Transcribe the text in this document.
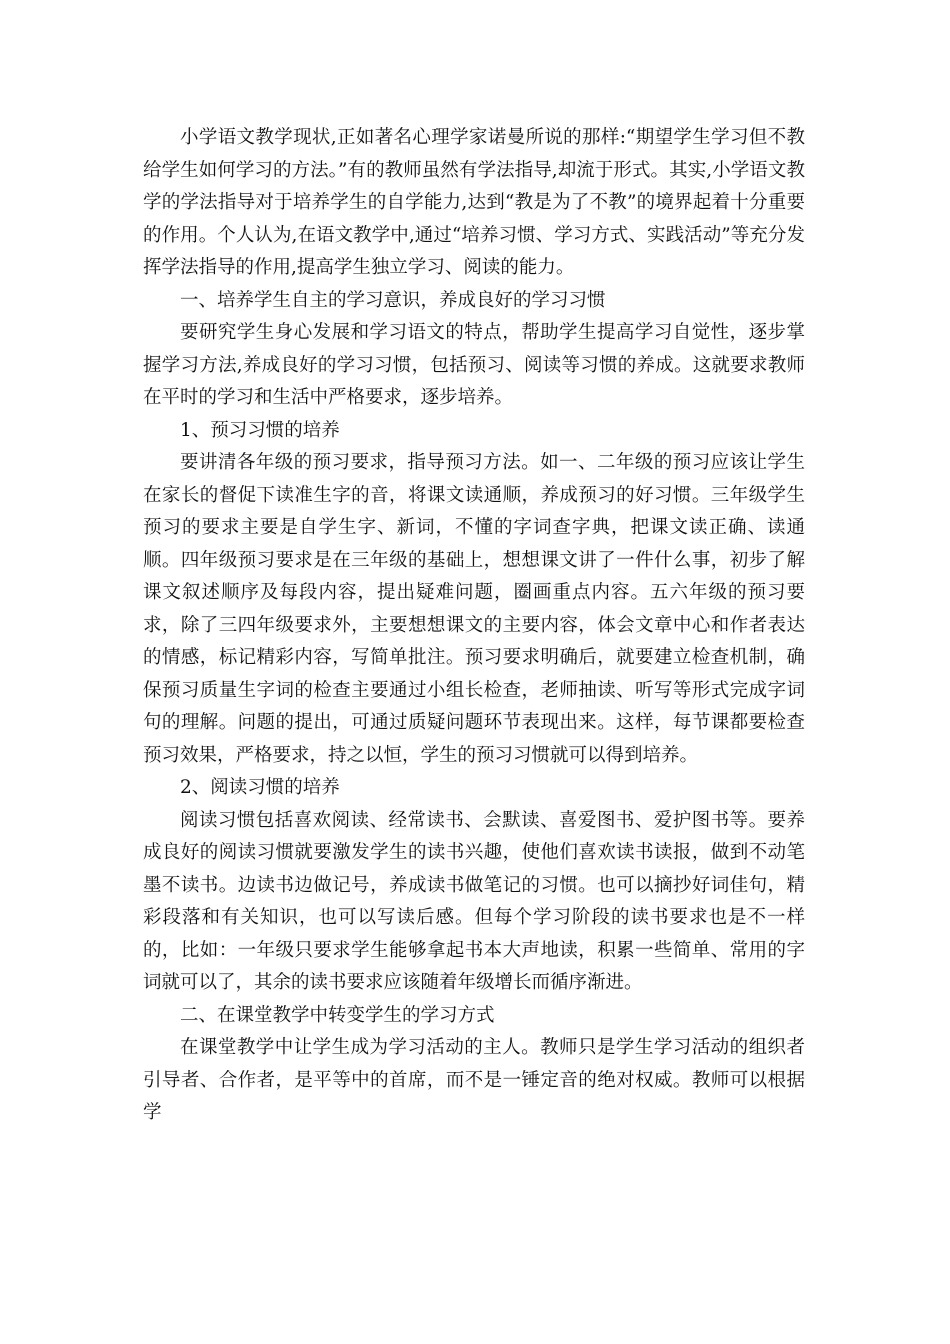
小学语文教学现状,正如著名心理学家诺曼所说的那样:“期望学生学习但不教给学生如何学习的方法。”有的教师虽然有学法指导,却流于形式。其实,小学语文教学的学法指导对于培养学生的自学能力,达到“教是为了不教”的境界起着十分重要的作用。个人认为,在语文教学中,通过“培养习惯、学习方式、实践活动”等充分发挥学法指导的作用,提高学生独立学习、阅读的能力。

一、培养学生自主的学习意识，养成良好的学习习惯

要研究学生身心发展和学习语文的特点，帮助学生提高学习自觉性，逐步掌握学习方法,养成良好的学习习惯，包括预习、阅读等习惯的养成。这就要求教师在平时的学习和生活中严格要求，逐步培养。

1、预习习惯的培养

要讲清各年级的预习要求，指导预习方法。如一、二年级的预习应该让学生在家长的督促下读准生字的音，将课文读通顺，养成预习的好习惯。三年级学生预习的要求主要是自学生字、新词，不懂的字词查字典，把课文读正确、读通顺。四年级预习要求是在三年级的基础上，想想课文讲了一件什么事，初步了解课文叙述顺序及每段内容，提出疑难问题，圈画重点内容。五六年级的预习要求，除了三四年级要求外，主要想想课文的主要内容，体会文章中心和作者表达的情感，标记精彩内容，写简单批注。预习要求明确后，就要建立检查机制，确保预习质量生字词的检查主要通过小组长检查，老师抽读、听写等形式完成字词句的理解。问题的提出，可通过质疑问题环节表现出来。这样，每节课都要检查预习效果，严格要求，持之以恒，学生的预习习惯就可以得到培养。

2、阅读习惯的培养

阅读习惯包括喜欢阅读、经常读书、会默读、喜爱图书、爱护图书等。要养成良好的阅读习惯就要激发学生的读书兴趣，使他们喜欢读书读报，做到不动笔墨不读书。边读书边做记号，养成读书做笔记的习惯。也可以摘抄好词佳句，精彩段落和有关知识，也可以写读后感。但每个学习阶段的读书要求也是不一样的，比如：一年级只要求学生能够拿起书本大声地读，积累一些简单、常用的字词就可以了，其余的读书要求应该随着年级增长而循序渐进。

二、在课堂教学中转变学生的学习方式

在课堂教学中让学生成为学习活动的主人。教师只是学生学习活动的组织者引导者、合作者，是平等中的首席，而不是一锤定音的绝对权威。教师可以根据学
